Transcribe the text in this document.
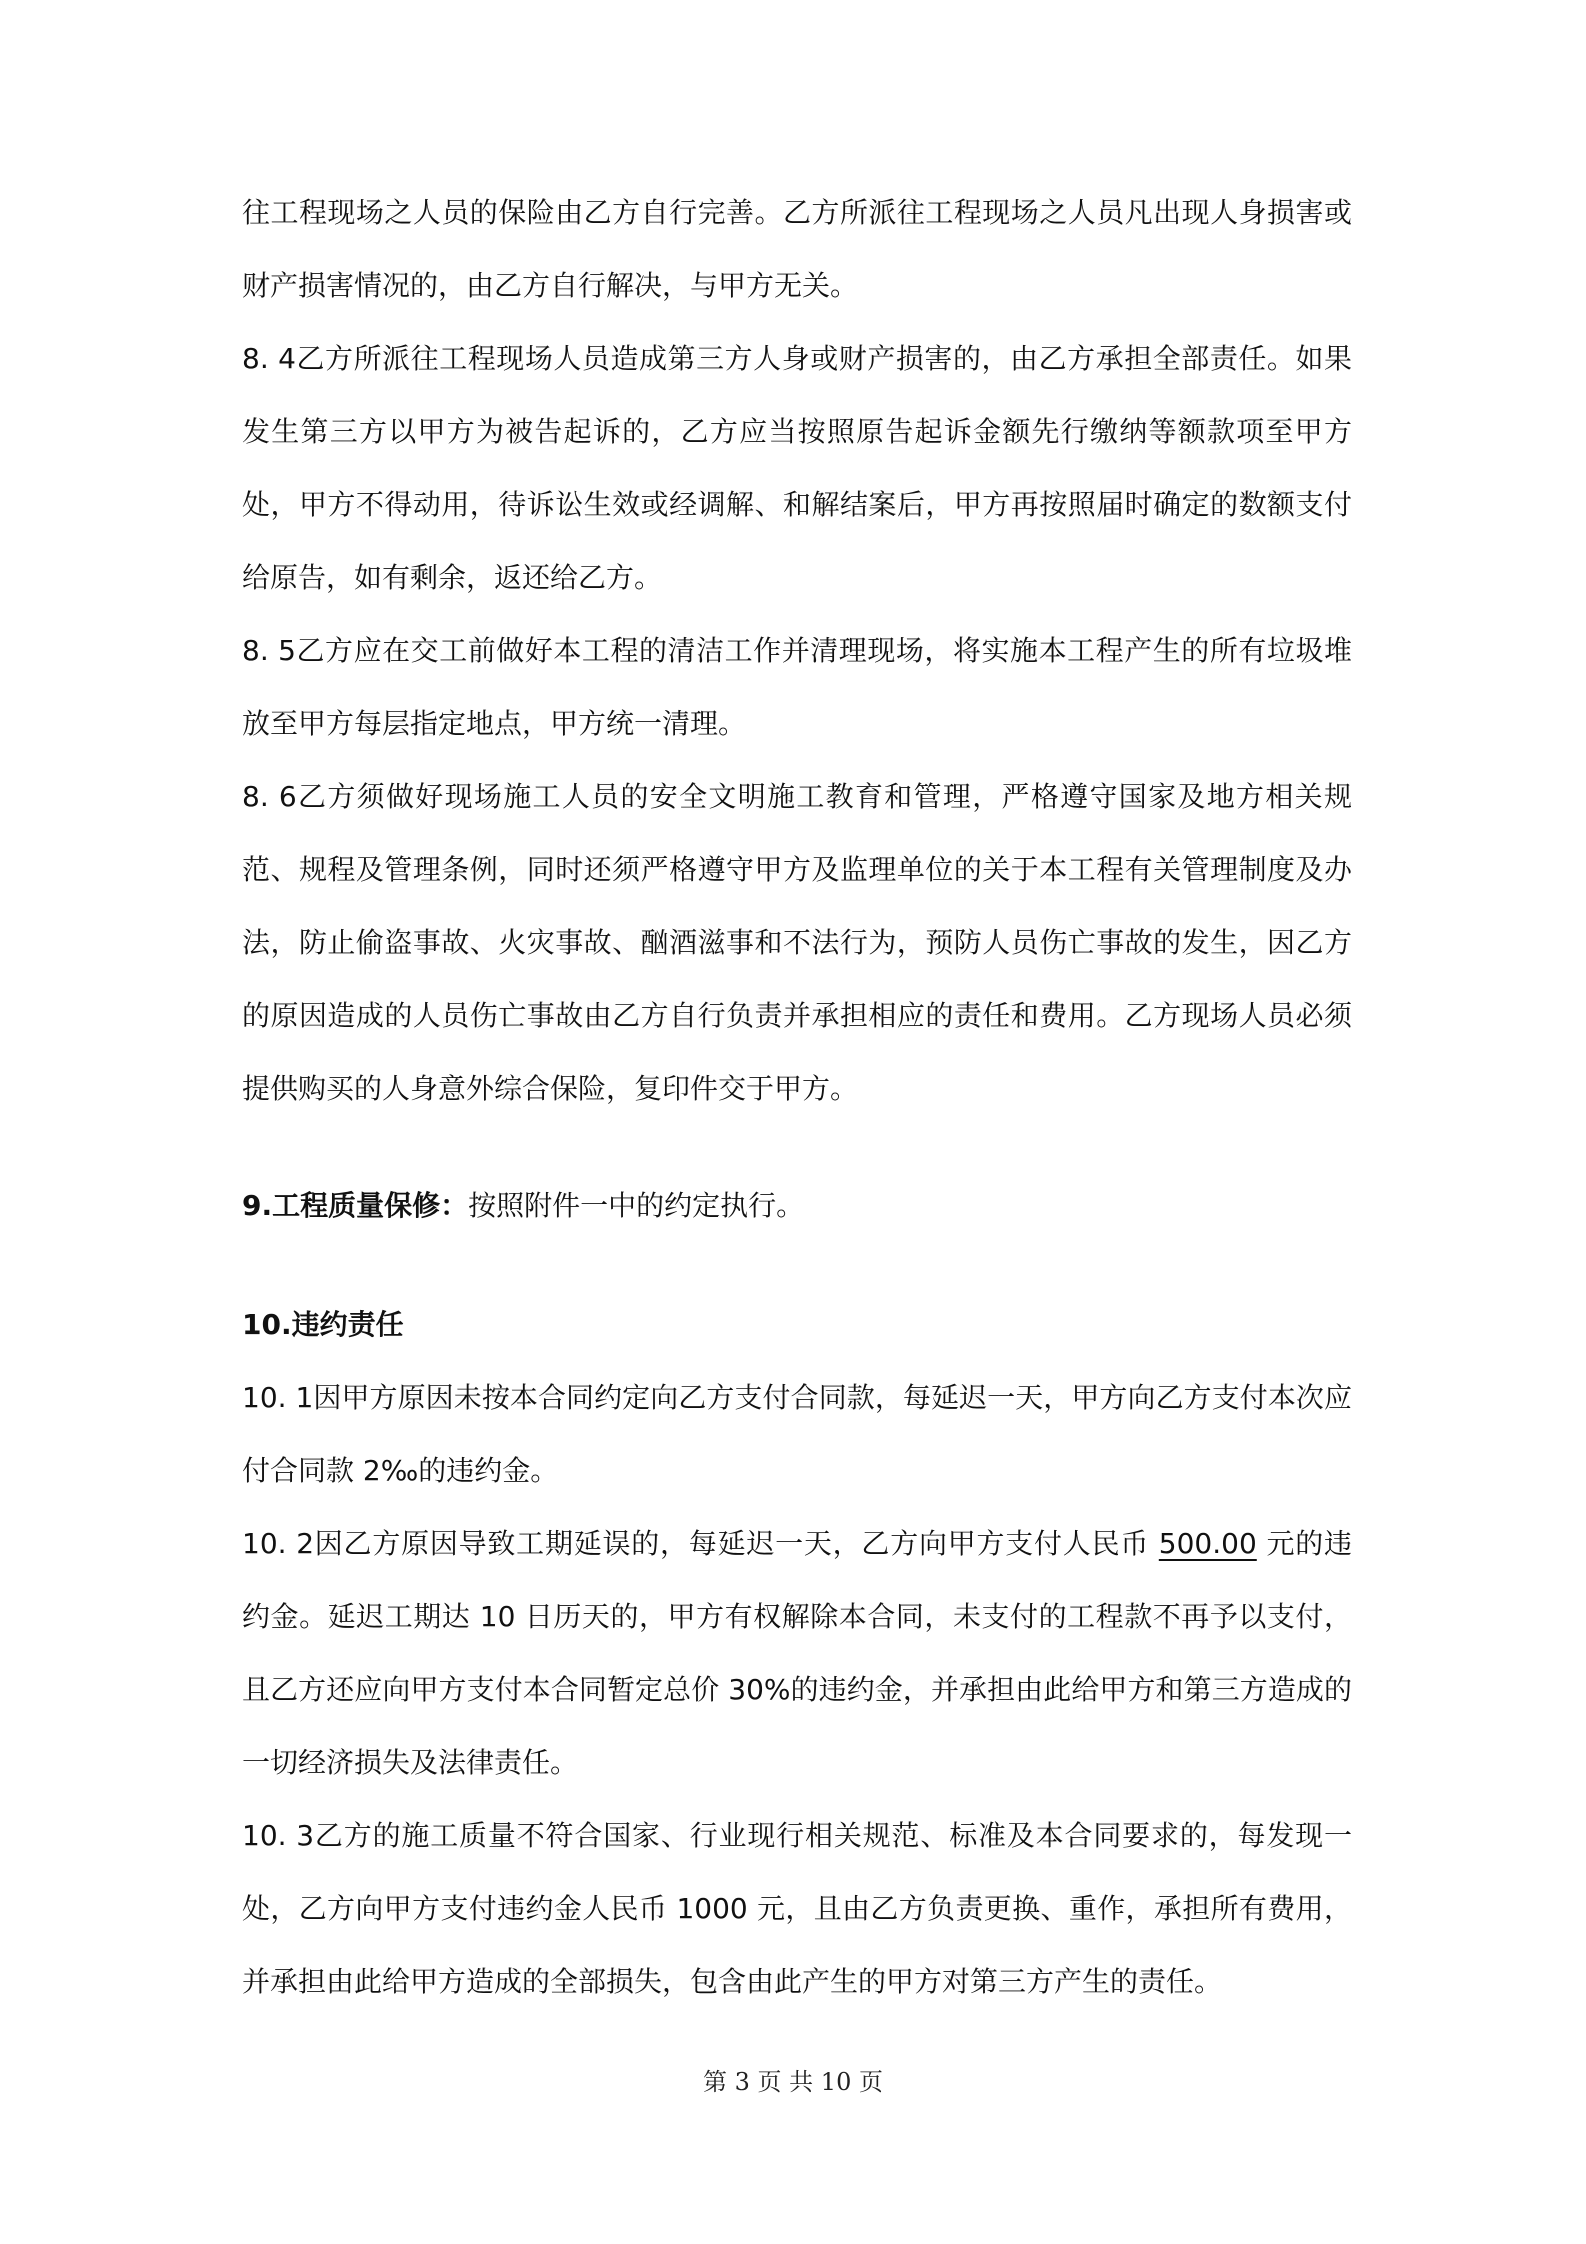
往工程现场之人员的保险由乙方自行完善。乙方所派往工程现场之人员凡出现人身损害或财产损害情况的，由乙方自行解决，与甲方无关。

8. 4乙方所派往工程现场人员造成第三方人身或财产损害的，由乙方承担全部责任。如果发生第三方以甲方为被告起诉的，乙方应当按照原告起诉金额先行缴纳等额款项至甲方处，甲方不得动用，待诉讼生效或经调解、和解结案后，甲方再按照届时确定的数额支付给原告，如有剩余，返还给乙方。

8. 5乙方应在交工前做好本工程的清洁工作并清理现场，将实施本工程产生的所有垃圾堆放至甲方每层指定地点，甲方统一清理。

8. 6乙方须做好现场施工人员的安全文明施工教育和管理，严格遵守国家及地方相关规范、规程及管理条例，同时还须严格遵守甲方及监理单位的关于本工程有关管理制度及办法，防止偷盗事故、火灾事故、酗酒滋事和不法行为，预防人员伤亡事故的发生，因乙方的原因造成的人员伤亡事故由乙方自行负责并承担相应的责任和费用。乙方现场人员必须提供购买的人身意外综合保险，复印件交于甲方。

9.工程质量保修：按照附件一中的约定执行。

10.违约责任

10. 1因甲方原因未按本合同约定向乙方支付合同款，每延迟一天，甲方向乙方支付本次应付合同款 2‰的违约金。

10. 2因乙方原因导致工期延误的，每延迟一天，乙方向甲方支付人民币 500.00 元的违约金。延迟工期达 10 日历天的，甲方有权解除本合同，未支付的工程款不再予以支付，且乙方还应向甲方支付本合同暂定总价 30%的违约金，并承担由此给甲方和第三方造成的一切经济损失及法律责任。

10. 3乙方的施工质量不符合国家、行业现行相关规范、标准及本合同要求的，每发现一处，乙方向甲方支付违约金人民币 1000 元，且由乙方负责更换、重作，承担所有费用，并承担由此给甲方造成的全部损失，包含由此产生的甲方对第三方产生的责任。

第 3 页 共 10 页
